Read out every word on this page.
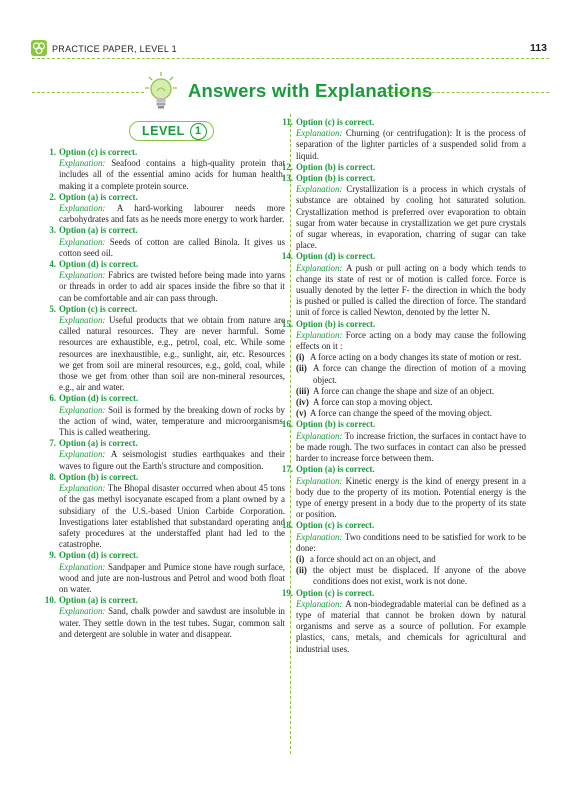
PRACTICE PAPER, LEVEL 1	113
Answers with Explanations
LEVEL 1
1. Option (c) is correct.
Explanation: Seafood contains a high-quality protein that includes all of the essential amino acids for human health, making it a complete protein source.
2. Option (a) is correct.
Explanation: A hard-working labourer needs more carbohydrates and fats as he needs more energy to work harder.
3. Option (a) is correct.
Explanation: Seeds of cotton are called Binola. It gives us cotton seed oil.
4. Option (d) is correct.
Explanation: Fabrics are twisted before being made into yarns or threads in order to add air spaces inside the fibre so that it can be comfortable and air can pass through.
5. Option (c) is correct.
Explanation: Useful products that we obtain from nature are called natural resources. They are never harmful. Some resources are exhaustible, e.g., petrol, coal, etc. While some resources are inexhaustible, e.g., sunlight, air, etc. Resources we get from soil are mineral resources, e.g., gold, coal, while those we get from other than soil are non-mineral resources, e.g., air and water.
6. Option (d) is correct.
Explanation: Soil is formed by the breaking down of rocks by the action of wind, water, temperature and microorganisms. This is called weathering.
7. Option (a) is correct.
Explanation: A seismologist studies earthquakes and their waves to figure out the Earth's structure and composition.
8. Option (b) is correct.
Explanation: The Bhopal disaster occurred when about 45 tons of the gas methyl isocyanate escaped from a plant owned by a subsidiary of the U.S.-based Union Carbide Corporation. Investigations later established that substandard operating and safety procedures at the understaffed plant had led to the catastrophe.
9. Option (d) is correct.
Explanation: Sandpaper and Pumice stone have rough surface, wood and jute are non-lustrous and Petrol and wood both float on water.
10. Option (a) is correct.
Explanation: Sand, chalk powder and sawdust are insoluble in water. They settle down in the test tubes. Sugar, common salt and detergent are soluble in water and disappear.
11. Option (c) is correct.
Explanation: Churning (or centrifugation): It is the process of separation of the lighter particles of a suspended solid from a liquid.
12. Option (b) is correct.
13. Option (b) is correct.
Explanation: Crystallization is a process in which crystals of substance are obtained by cooling hot saturated solution. Crystallization method is preferred over evaporation to obtain sugar from water because in crystallization we get pure crystals of sugar whereas, in evaporation, charring of sugar can take place.
14. Option (d) is correct.
Explanation: A push or pull acting on a body which tends to change its state of rest or of motion is called force. Force is usually denoted by the letter F- the direction in which the body is pushed or pulled is called the direction of force. The standard unit of force is called Newton, denoted by the letter N.
15. Option (b) is correct.
Explanation: Force acting on a body may cause the following effects on it :
(i) A force acting on a body changes its state of motion or rest.
(ii) A force can change the direction of motion of a moving object.
(iii) A force can change the shape and size of an object.
(iv) A force can stop a moving object.
(v) A force can change the speed of the moving object.
16. Option (b) is correct.
Explanation: To increase friction, the surfaces in contact have to be made rough. The two surfaces in contact can also be pressed harder to increase force between them.
17. Option (a) is correct.
Explanation: Kinetic energy is the kind of energy present in a body due to the property of its motion. Potential energy is the type of energy present in a body due to the property of its state or position.
18. Option (c) is correct.
Explanation: Two conditions need to be satisfied for work to be done:
(i) a force should act on an object, and
(ii) the object must be displaced. If anyone of the above conditions does not exist, work is not done.
19. Option (c) is correct.
Explanation: A non-biodegradable material can be defined as a type of material that cannot be broken down by natural organisms and serve as a source of pollution. For example plastics, cans, metals, and chemicals for agricultural and industrial uses.
